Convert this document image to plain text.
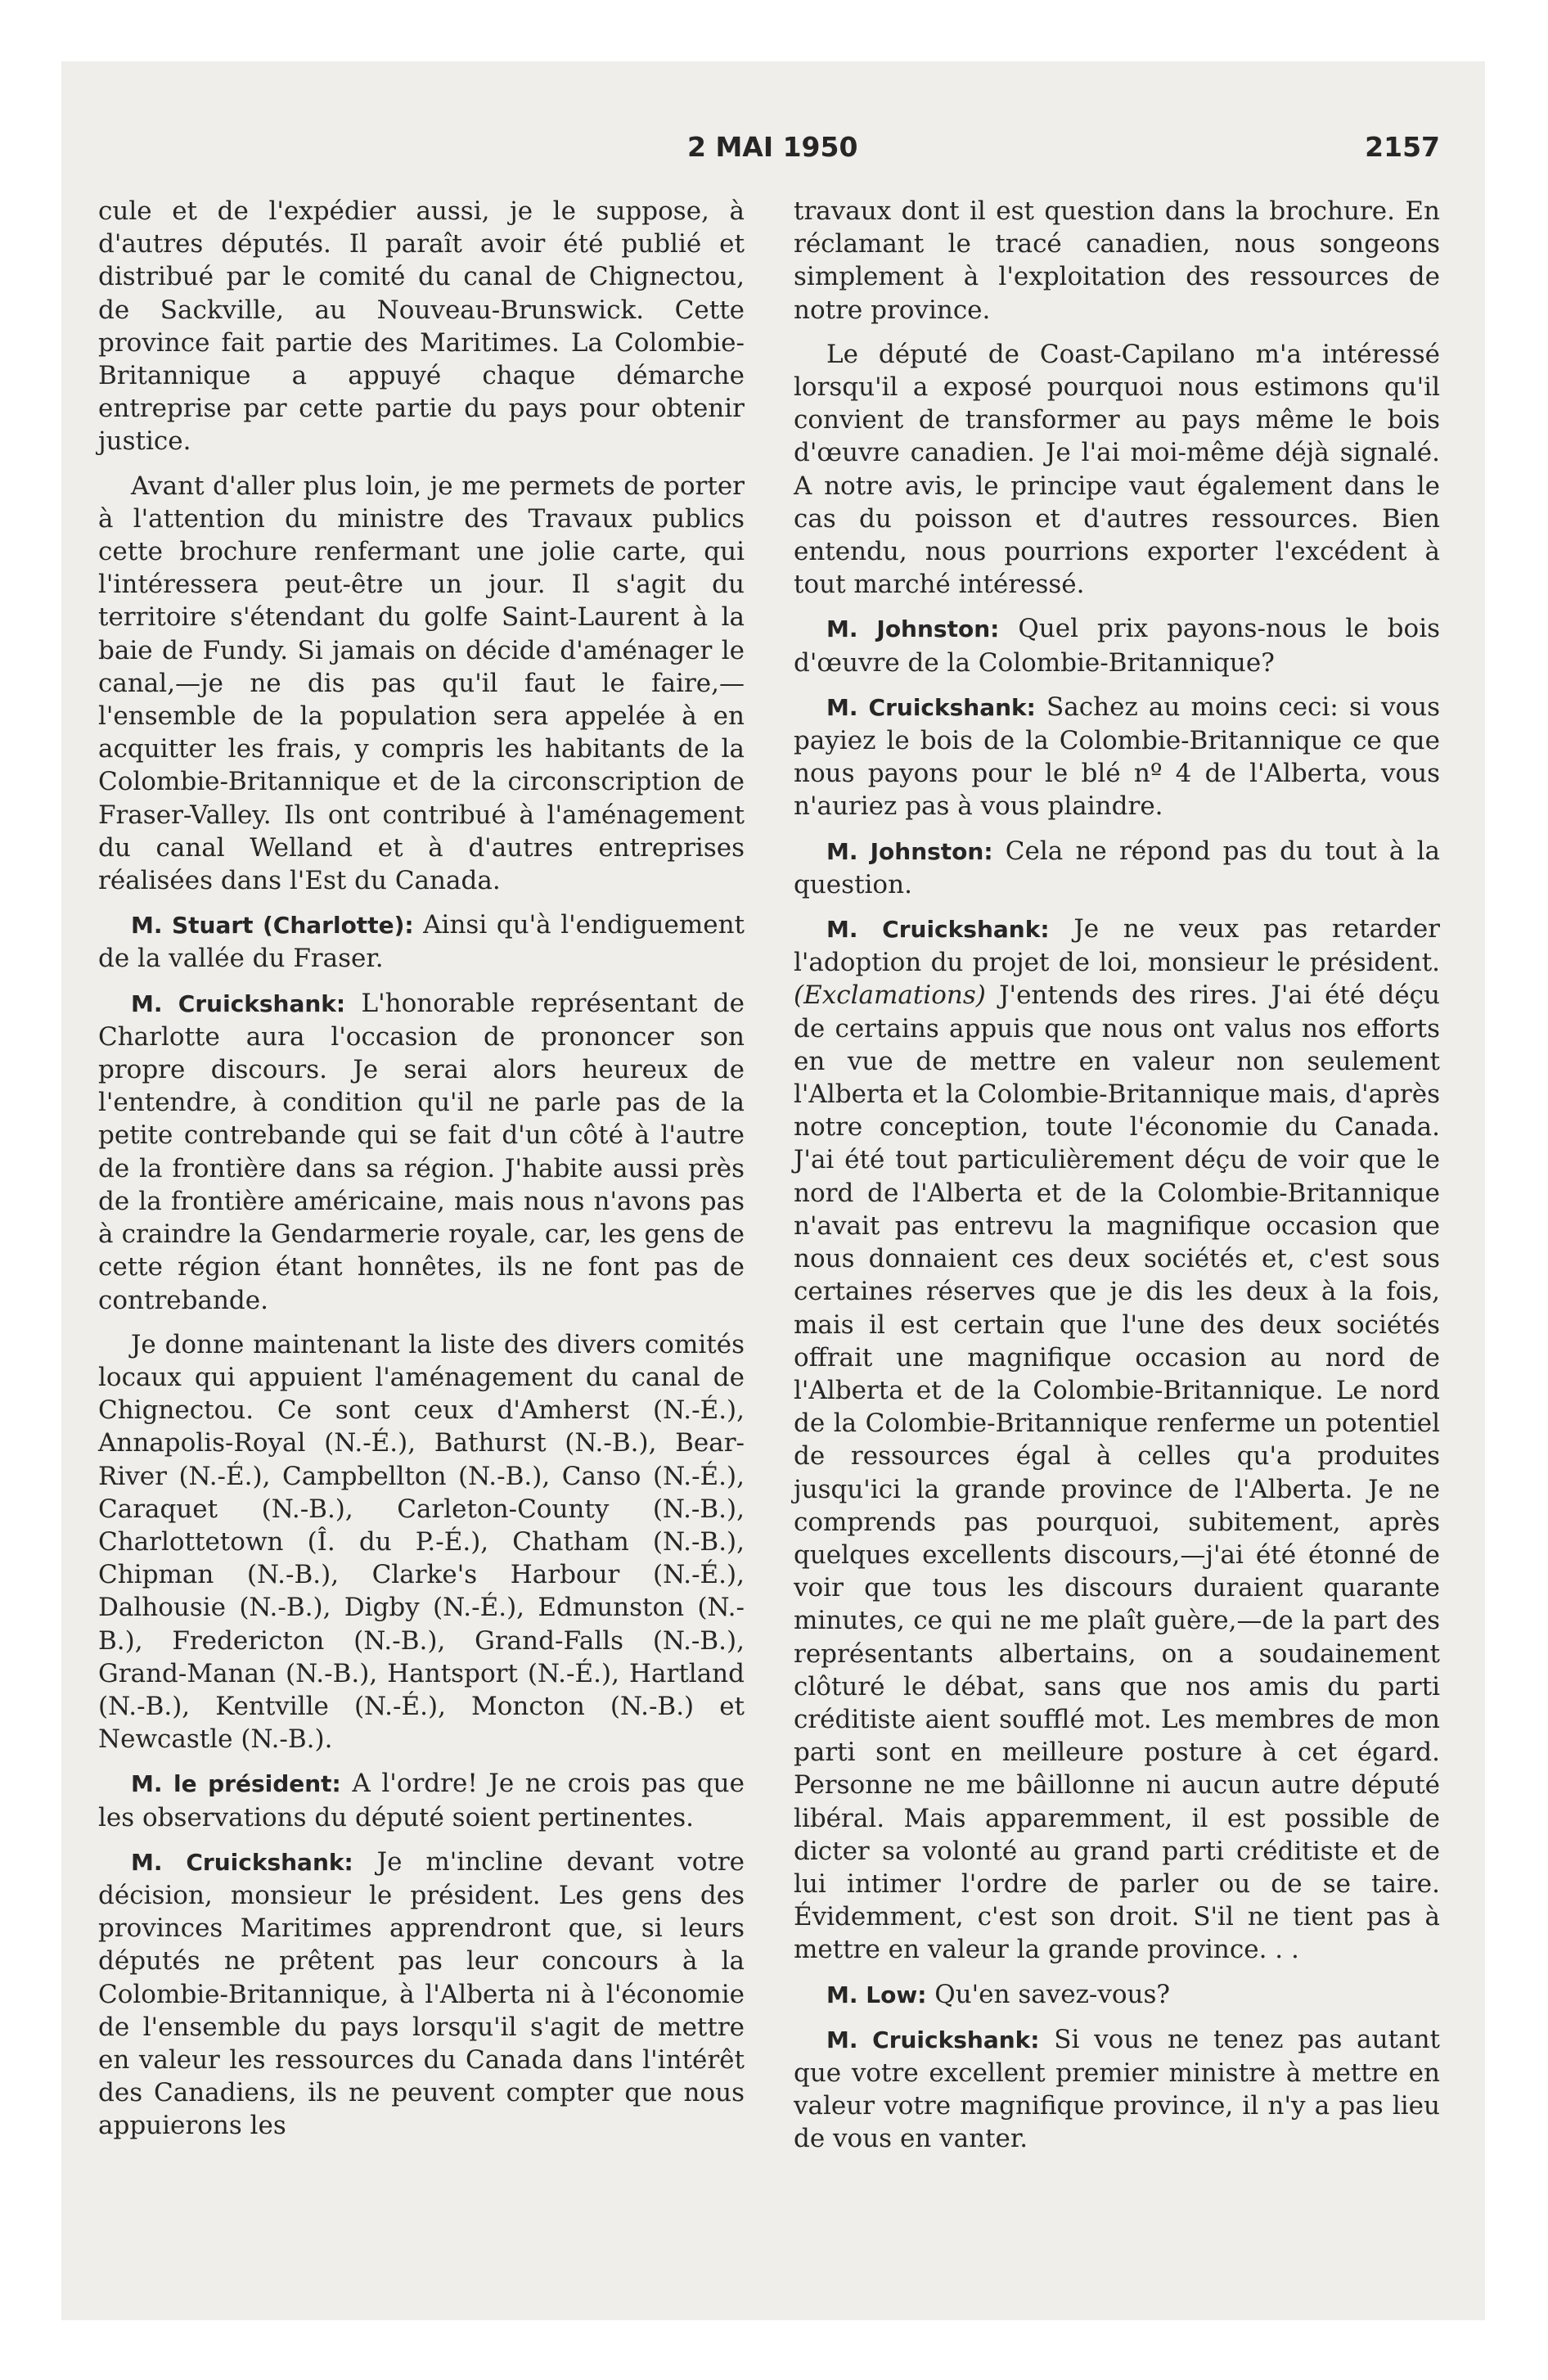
2 MAI 1950	2157

cule et de l'expédier aussi, je le suppose, à d'autres députés. Il paraît avoir été publié et distribué par le comité du canal de Chignectou, de Sackville, au Nouveau-Brunswick. Cette province fait partie des Maritimes. La Colombie-Britannique a appuyé chaque démarche entreprise par cette partie du pays pour obtenir justice.

Avant d'aller plus loin, je me permets de porter à l'attention du ministre des Travaux publics cette brochure renfermant une jolie carte, qui l'intéressera peut-être un jour. Il s'agit du territoire s'étendant du golfe Saint-Laurent à la baie de Fundy. Si jamais on décide d'aménager le canal,—je ne dis pas qu'il faut le faire,—l'ensemble de la population sera appelée à en acquitter les frais, y compris les habitants de la Colombie-Britannique et de la circonscription de Fraser-Valley. Ils ont contribué à l'aménagement du canal Welland et à d'autres entreprises réalisées dans l'Est du Canada.

M. Stuart (Charlotte): Ainsi qu'à l'endiguement de la vallée du Fraser.

M. Cruickshank: L'honorable représentant de Charlotte aura l'occasion de prononcer son propre discours. Je serai alors heureux de l'entendre, à condition qu'il ne parle pas de la petite contrebande qui se fait d'un côté à l'autre de la frontière dans sa région. J'habite aussi près de la frontière américaine, mais nous n'avons pas à craindre la Gendarmerie royale, car, les gens de cette région étant honnêtes, ils ne font pas de contrebande.

Je donne maintenant la liste des divers comités locaux qui appuient l'aménagement du canal de Chignectou. Ce sont ceux d'Amherst (N.-É.), Annapolis-Royal (N.-É.), Bathurst (N.-B.), Bear-River (N.-É.), Campbellton (N.-B.), Canso (N.-É.), Caraquet (N.-B.), Carleton-County (N.-B.), Charlottetown (Î. du P.-É.), Chatham (N.-B.), Chipman (N.-B.), Clarke's Harbour (N.-É.), Dalhousie (N.-B.), Digby (N.-É.), Edmunston (N.-B.), Fredericton (N.-B.), Grand-Falls (N.-B.), Grand-Manan (N.-B.), Hantsport (N.-É.), Hartland (N.-B.), Kentville (N.-É.), Moncton (N.-B.) et Newcastle (N.-B.).

M. le président: A l'ordre! Je ne crois pas que les observations du député soient pertinentes.

M. Cruickshank: Je m'incline devant votre décision, monsieur le président. Les gens des provinces Maritimes apprendront que, si leurs députés ne prêtent pas leur concours à la Colombie-Britannique, à l'Alberta ni à l'économie de l'ensemble du pays lorsqu'il s'agit de mettre en valeur les ressources du Canada dans l'intérêt des Canadiens, ils ne peuvent compter que nous appuierons les

travaux dont il est question dans la brochure. En réclamant le tracé canadien, nous songeons simplement à l'exploitation des ressources de notre province.

Le député de Coast-Capilano m'a intéressé lorsqu'il a exposé pourquoi nous estimons qu'il convient de transformer au pays même le bois d'œuvre canadien. Je l'ai moi-même déjà signalé. A notre avis, le principe vaut également dans le cas du poisson et d'autres ressources. Bien entendu, nous pourrions exporter l'excédent à tout marché intéressé.

M. Johnston: Quel prix payons-nous le bois d'œuvre de la Colombie-Britannique?

M. Cruickshank: Sachez au moins ceci: si vous payiez le bois de la Colombie-Britannique ce que nous payons pour le blé nº 4 de l'Alberta, vous n'auriez pas à vous plaindre.

M. Johnston: Cela ne répond pas du tout à la question.

M. Cruickshank: Je ne veux pas retarder l'adoption du projet de loi, monsieur le président. (Exclamations) J'entends des rires. J'ai été déçu de certains appuis que nous ont valus nos efforts en vue de mettre en valeur non seulement l'Alberta et la Colombie-Britannique mais, d'après notre conception, toute l'économie du Canada. J'ai été tout particulièrement déçu de voir que le nord de l'Alberta et de la Colombie-Britannique n'avait pas entrevu la magnifique occasion que nous donnaient ces deux sociétés et, c'est sous certaines réserves que je dis les deux à la fois, mais il est certain que l'une des deux sociétés offrait une magnifique occasion au nord de l'Alberta et de la Colombie-Britannique. Le nord de la Colombie-Britannique renferme un potentiel de ressources égal à celles qu'a produites jusqu'ici la grande province de l'Alberta. Je ne comprends pas pourquoi, subitement, après quelques excellents discours,—j'ai été étonné de voir que tous les discours duraient quarante minutes, ce qui ne me plaît guère,—de la part des représentants albertains, on a soudainement clôturé le débat, sans que nos amis du parti créditiste aient soufflé mot. Les membres de mon parti sont en meilleure posture à cet égard. Personne ne me bâillonne ni aucun autre député libéral. Mais apparemment, il est possible de dicter sa volonté au grand parti créditiste et de lui intimer l'ordre de parler ou de se taire. Évidemment, c'est son droit. S'il ne tient pas à mettre en valeur la grande province. . .

M. Low: Qu'en savez-vous?

M. Cruickshank: Si vous ne tenez pas autant que votre excellent premier ministre à mettre en valeur votre magnifique province, il n'y a pas lieu de vous en vanter.
